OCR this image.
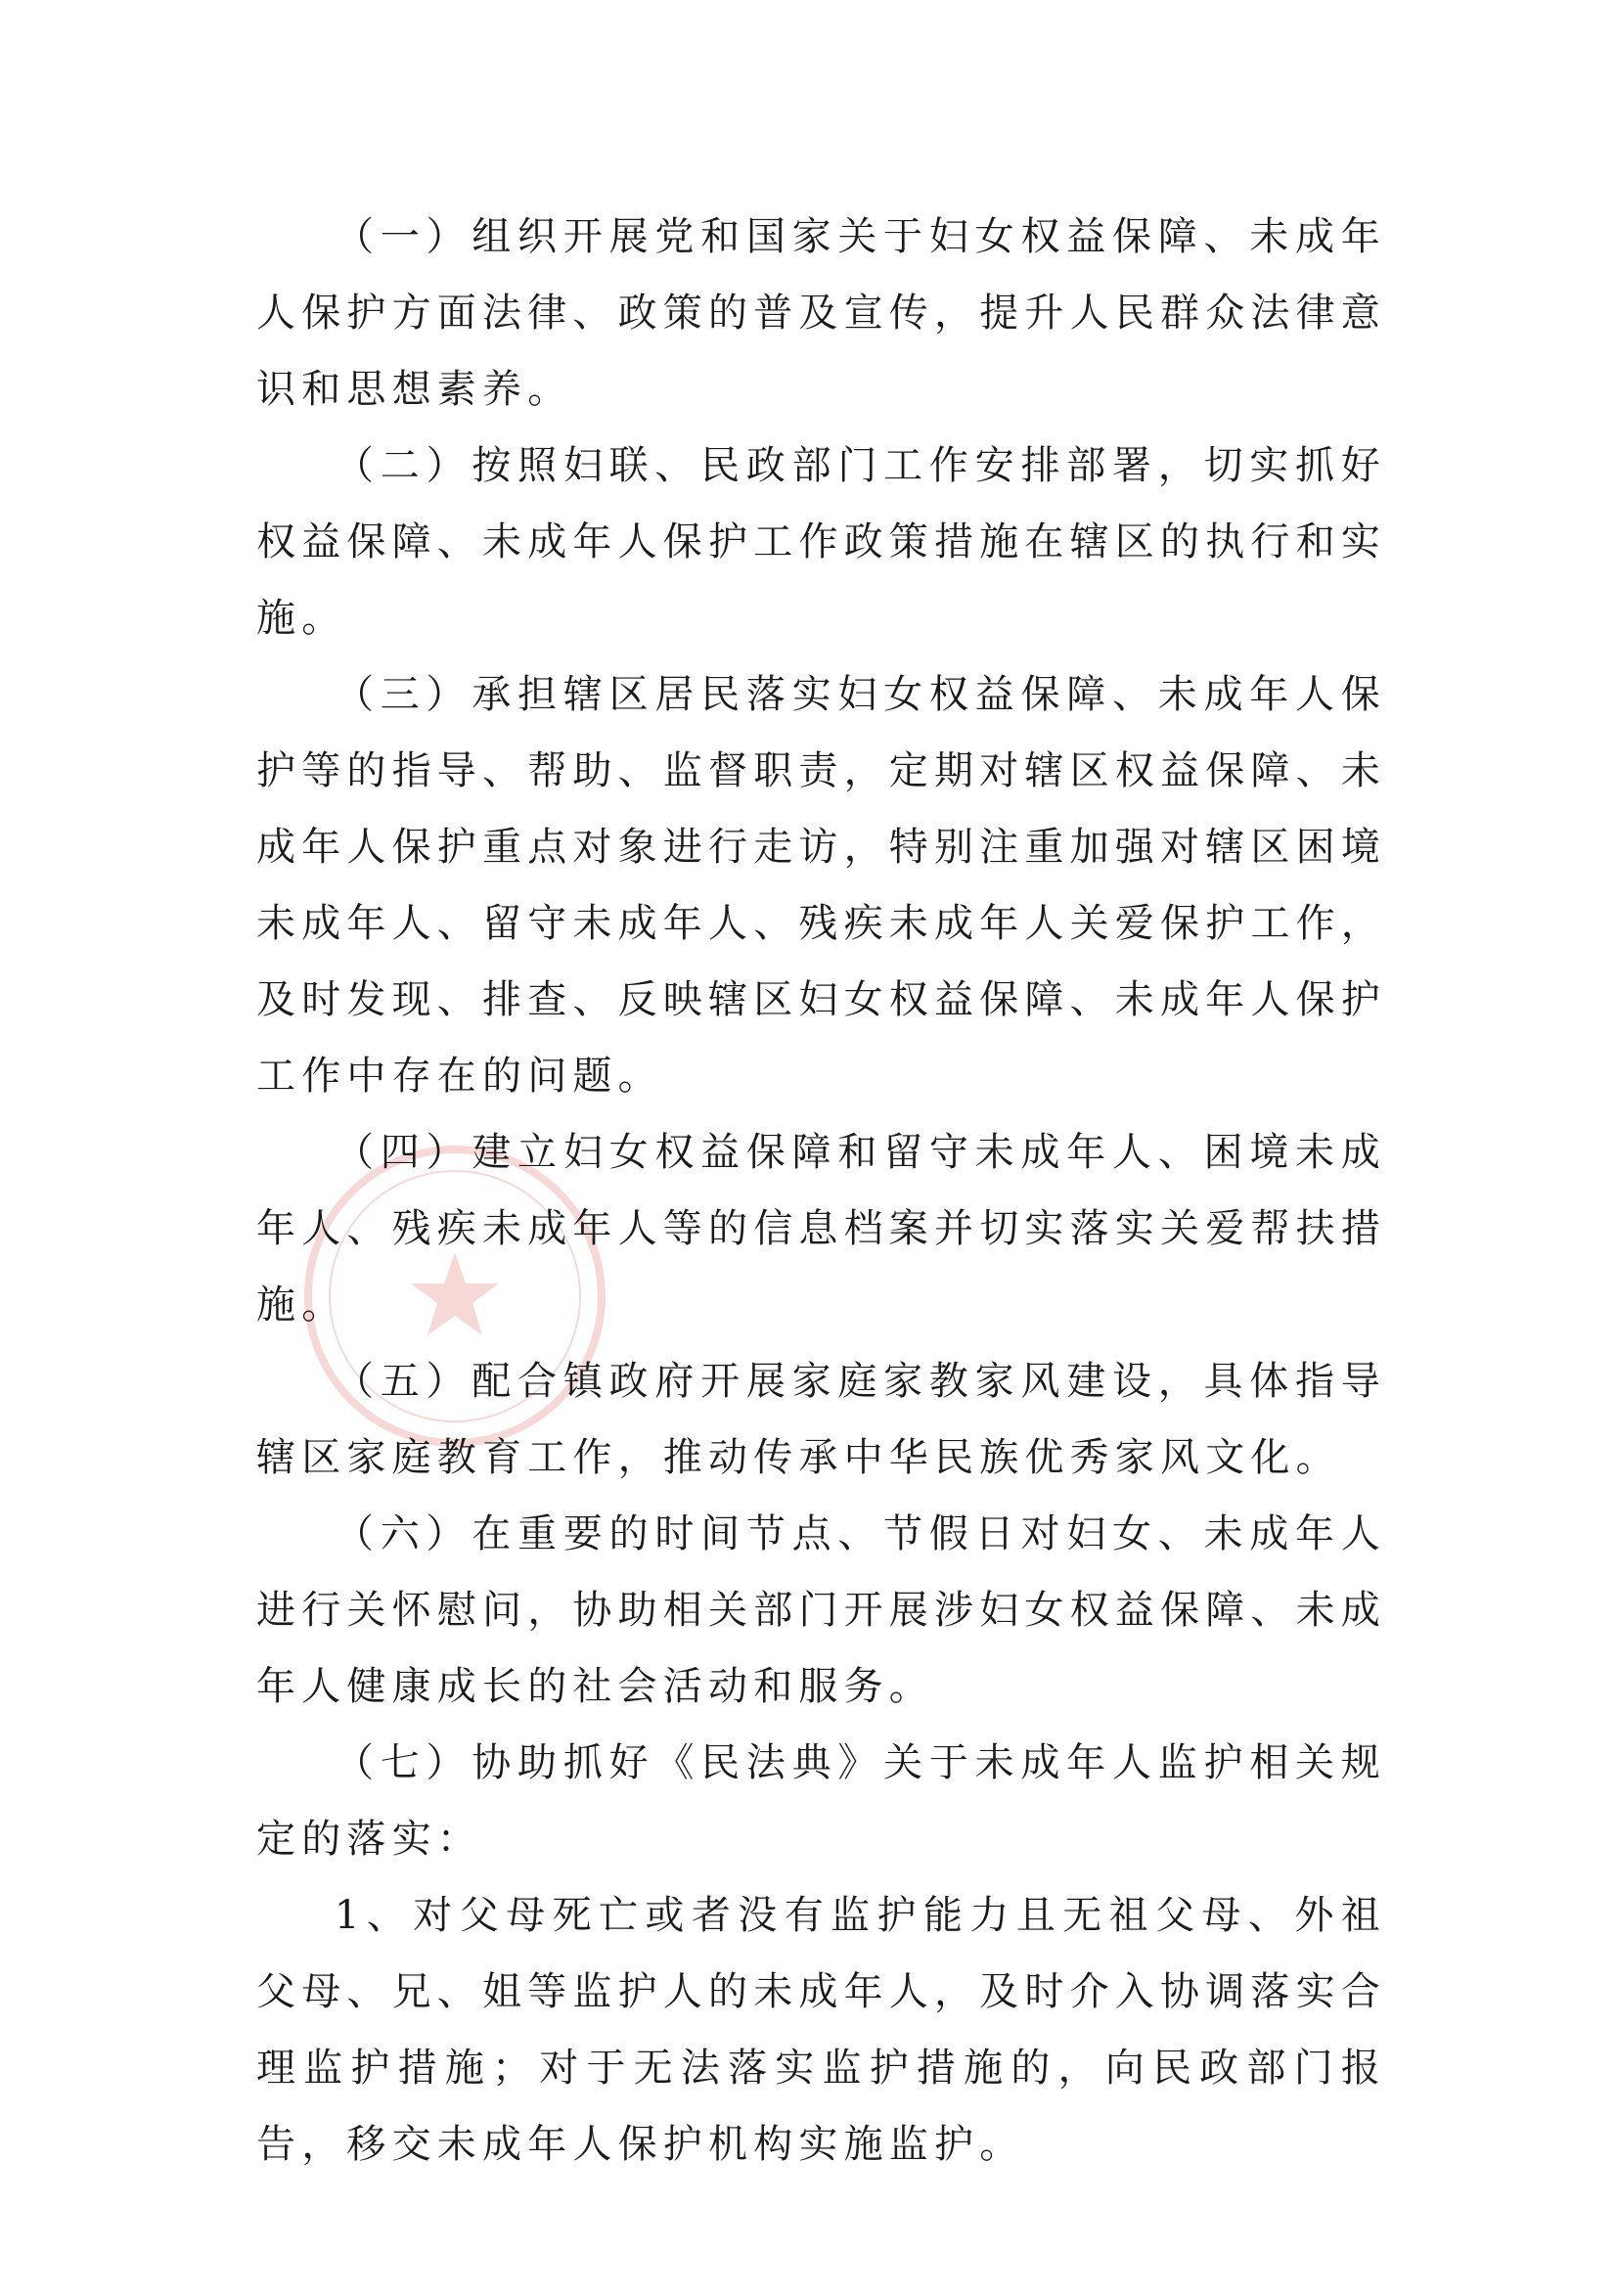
（一）组织开展党和国家关于妇女权益保障、未成年人保护方面法律、政策的普及宣传，提升人民群众法律意识和思想素养。

（二）按照妇联、民政部门工作安排部署，切实抓好权益保障、未成年人保护工作政策措施在辖区的执行和实施。

（三）承担辖区居民落实妇女权益保障、未成年人保护等的指导、帮助、监督职责，定期对辖区权益保障、未成年人保护重点对象进行走访，特别注重加强对辖区困境未成年人、留守未成年人、残疾未成年人关爱保护工作，及时发现、排查、反映辖区妇女权益保障、未成年人保护工作中存在的问题。

（四）建立妇女权益保障和留守未成年人、困境未成年人、残疾未成年人等的信息档案并切实落实关爱帮扶措施。

（五）配合镇政府开展家庭家教家风建设，具体指导辖区家庭教育工作，推动传承中华民族优秀家风文化。

（六）在重要的时间节点、节假日对妇女、未成年人进行关怀慰问，协助相关部门开展涉妇女权益保障、未成年人健康成长的社会活动和服务。

（七）协助抓好《民法典》关于未成年人监护相关规定的落实：

1、对父母死亡或者没有监护能力且无祖父母、外祖父母、兄、姐等监护人的未成年人，及时介入协调落实合理监护措施；对于无法落实监护措施的，向民政部门报告，移交未成年人保护机构实施监护。
